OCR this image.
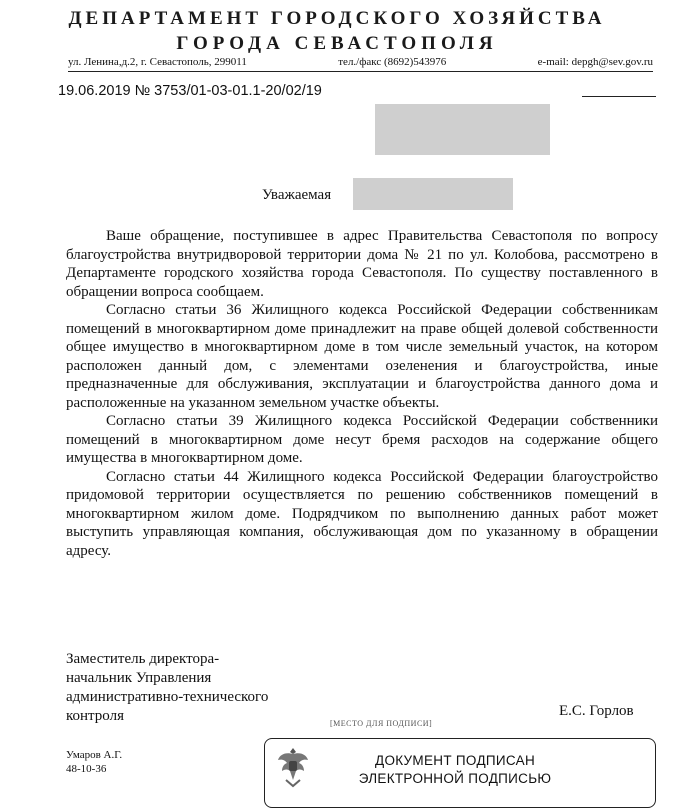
ДЕПАРТАМЕНТ ГОРОДСКОГО ХОЗЯЙСТВА
ГОРОДА СЕВАСТОПОЛЯ
ул. Ленина,д.2, г. Севастополь, 299011	тел./факс (8692)543976	e-mail: depgh@sev.gov.ru
19.06.2019 № 3753/01-03-01.1-20/02/19
Уважаемая

Ваше обращение, поступившее в адрес Правительства Севастополя по вопросу благоустройства внутридворовой территории дома № 21 по ул. Колобова, рассмотрено в Департаменте городского хозяйства города Севастополя. По существу поставленного в обращении вопроса сообщаем.

Согласно статьи 36 Жилищного кодекса Российской Федерации собственникам помещений в многоквартирном доме принадлежит на праве общей долевой собственности общее имущество в многоквартирном доме в том числе земельный участок, на котором расположен данный дом, с элементами озеленения и благоустройства, иные предназначенные для обслуживания, эксплуатации и благоустройства данного дома и расположенные на указанном земельном участке объекты.

Согласно статьи 39 Жилищного кодекса Российской Федерации собственники помещений в многоквартирном доме несут бремя расходов на содержание общего имущества в многоквартирном доме.

Согласно статьи 44 Жилищного кодекса Российской Федерации благоустройство придомовой территории осуществляется по решению собственников помещений в многоквартирном жилом доме. Подрядчиком по выполнению данных работ может выступить управляющая компания, обслуживающая дом по указанному в обращении адресу.

Заместитель директора-
начальник Управления
административно-технического
контроля	Е.С. Горлов
[МЕСТО ДЛЯ ПОДПИСИ]
Умаров А.Г.
48-10-36
ДОКУМЕНТ ПОДПИСАН
ЭЛЕКТРОННОЙ ПОДПИСЬЮ
